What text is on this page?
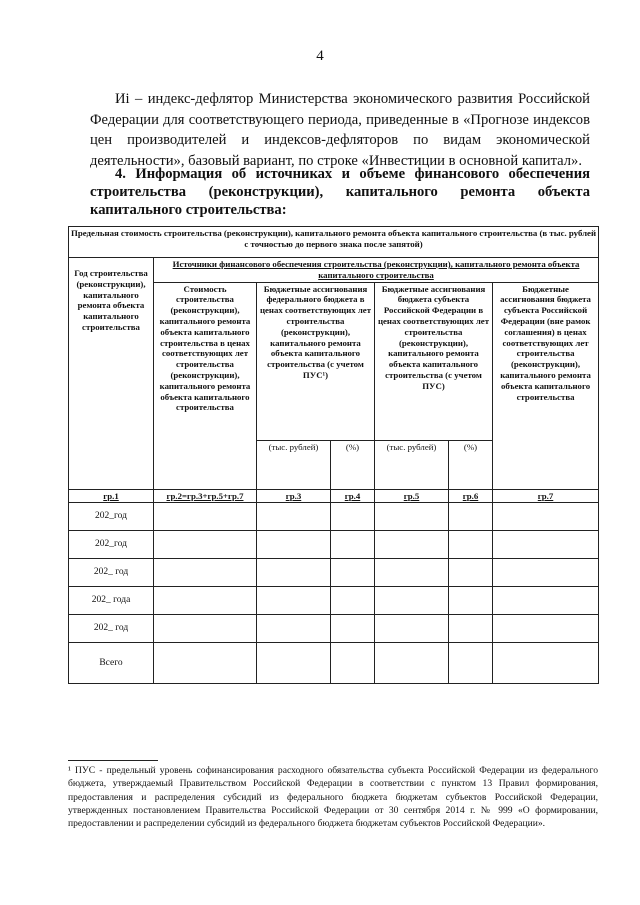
4
Иi – индекс-дефлятор Министерства экономического развития Российской Федерации для соответствующего периода, приведенные в «Прогнозе индексов цен производителей и индексов-дефляторов по видам экономической деятельности», базовый вариант, по строке «Инвестиции в основной капитал».
4. Информация об источниках и объеме финансового обеспечения строительства (реконструкции), капитального ремонта объекта капитального строительства:
Предельная стоимость строительства (реконструкции), капитального ремонта объекта капитального строительства (в тыс. рублей с точностью до первого знака после запятой)						
Год строительства (реконструкции), капитального ремонта объекта капитального строительства	Источники финансового обеспечения строительства (реконструкции), капитального ремонта объекта капитального строительства					
	Стоимость строительства (реконструкции), капитального ремонта объекта капитального строительства в ценах соответствующих лет строительства (реконструкции), капитального ремонта объекта капитального строительства	Бюджетные ассигнования федерального бюджета в ценах соответствующих лет строительства (реконструкции), капитального ремонта объекта капитального строительства (с учетом ПУС¹)		Бюджетные ассигнования бюджета субъекта Российской Федерации в ценах соответствующих лет строительства (реконструкции), капитального ремонта объекта капитального строительства (с учетом ПУС)		Бюджетные ассигнования бюджета субъекта Российской Федерации (вне рамок соглашения) в ценах соответствующих лет строительства (реконструкции), капитального ремонта объекта капитального строительства
		(тыс. рублей)	(%)	(тыс. рублей)	(%)	
гр.1	гр.2=гр.3+гр.5+гр.7	гр.3	гр.4	гр.5	гр.6	гр.7
202_год						
202_год						
202_ год						
202_ года						
202_ год						
Всего						
¹ ПУС - предельный уровень софинансирования расходного обязательства субъекта Российской Федерации из федерального бюджета, утверждаемый Правительством Российской Федерации в соответствии с пунктом 13 Правил формирования, предоставления и распределения субсидий из федерального бюджета бюджетам субъектов Российской Федерации, утвержденных постановлением Правительства Российской Федерации от 30 сентября 2014 г. № 999 «О формировании, предоставлении и распределении субсидий из федерального бюджета бюджетам субъектов Российской Федерации».
